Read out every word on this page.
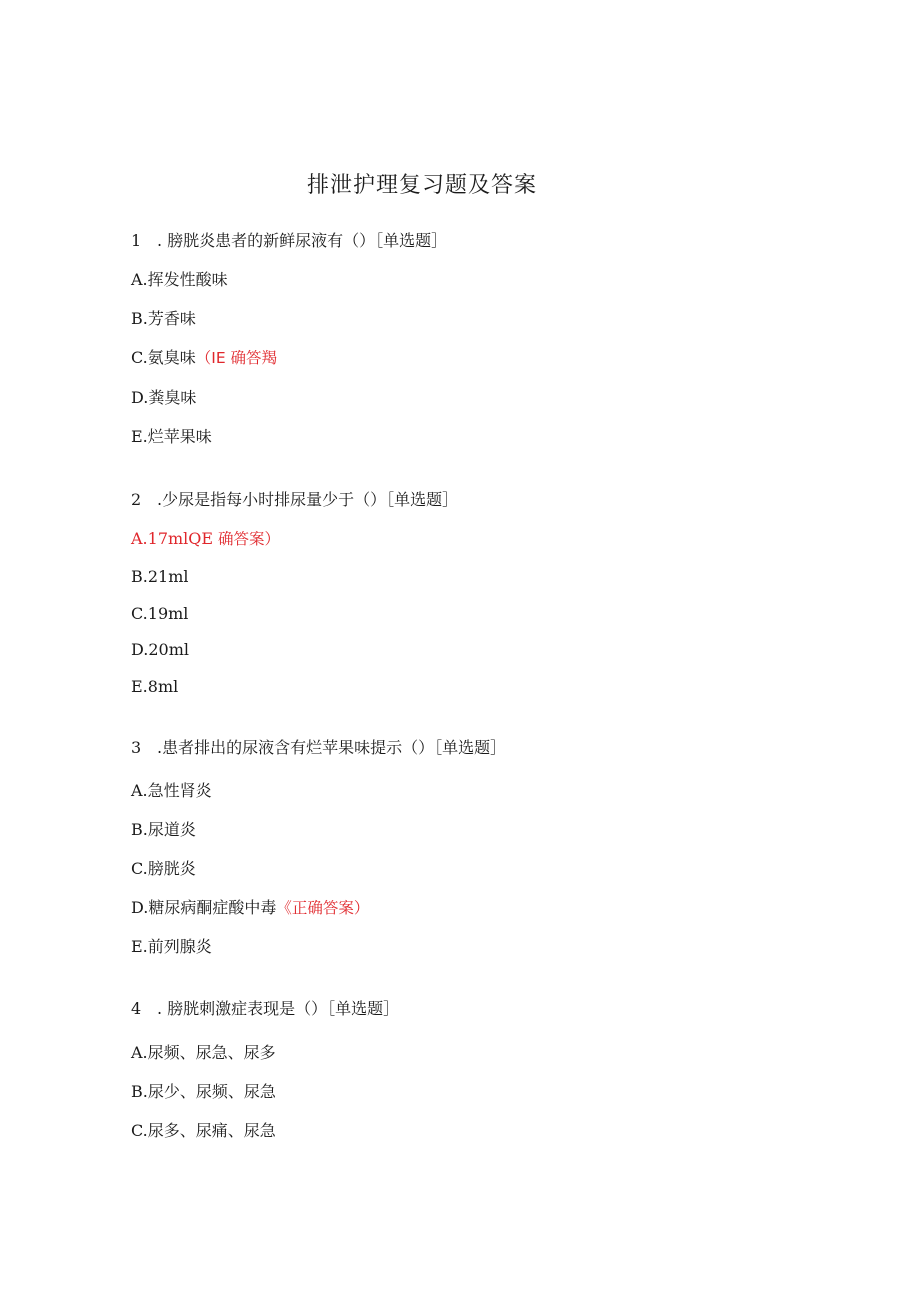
排泄护理复习题及答案
1 . 膀胱炎患者的新鲜尿液有（）［单选题］
A.挥发性酸味
B.芳香味
C.氨臭味（IE 确答羯
D.粪臭味
E.烂苹果味
2 .少尿是指每小时排尿量少于（）［单选题］
A.17mlQE 确答案）
B.21ml
C.19ml
D.20ml
E.8ml
3 .患者排出的尿液含有烂苹果味提示（）［单选题］
A.急性肾炎
B.尿道炎
C.膀胱炎
D.糖尿病酮症酸中毒《正确答案）
E.前列腺炎
4 . 膀胱刺激症表现是（）［单选题］
A.尿频、尿急、尿多
B.尿少、尿频、尿急
C.尿多、尿痛、尿急
